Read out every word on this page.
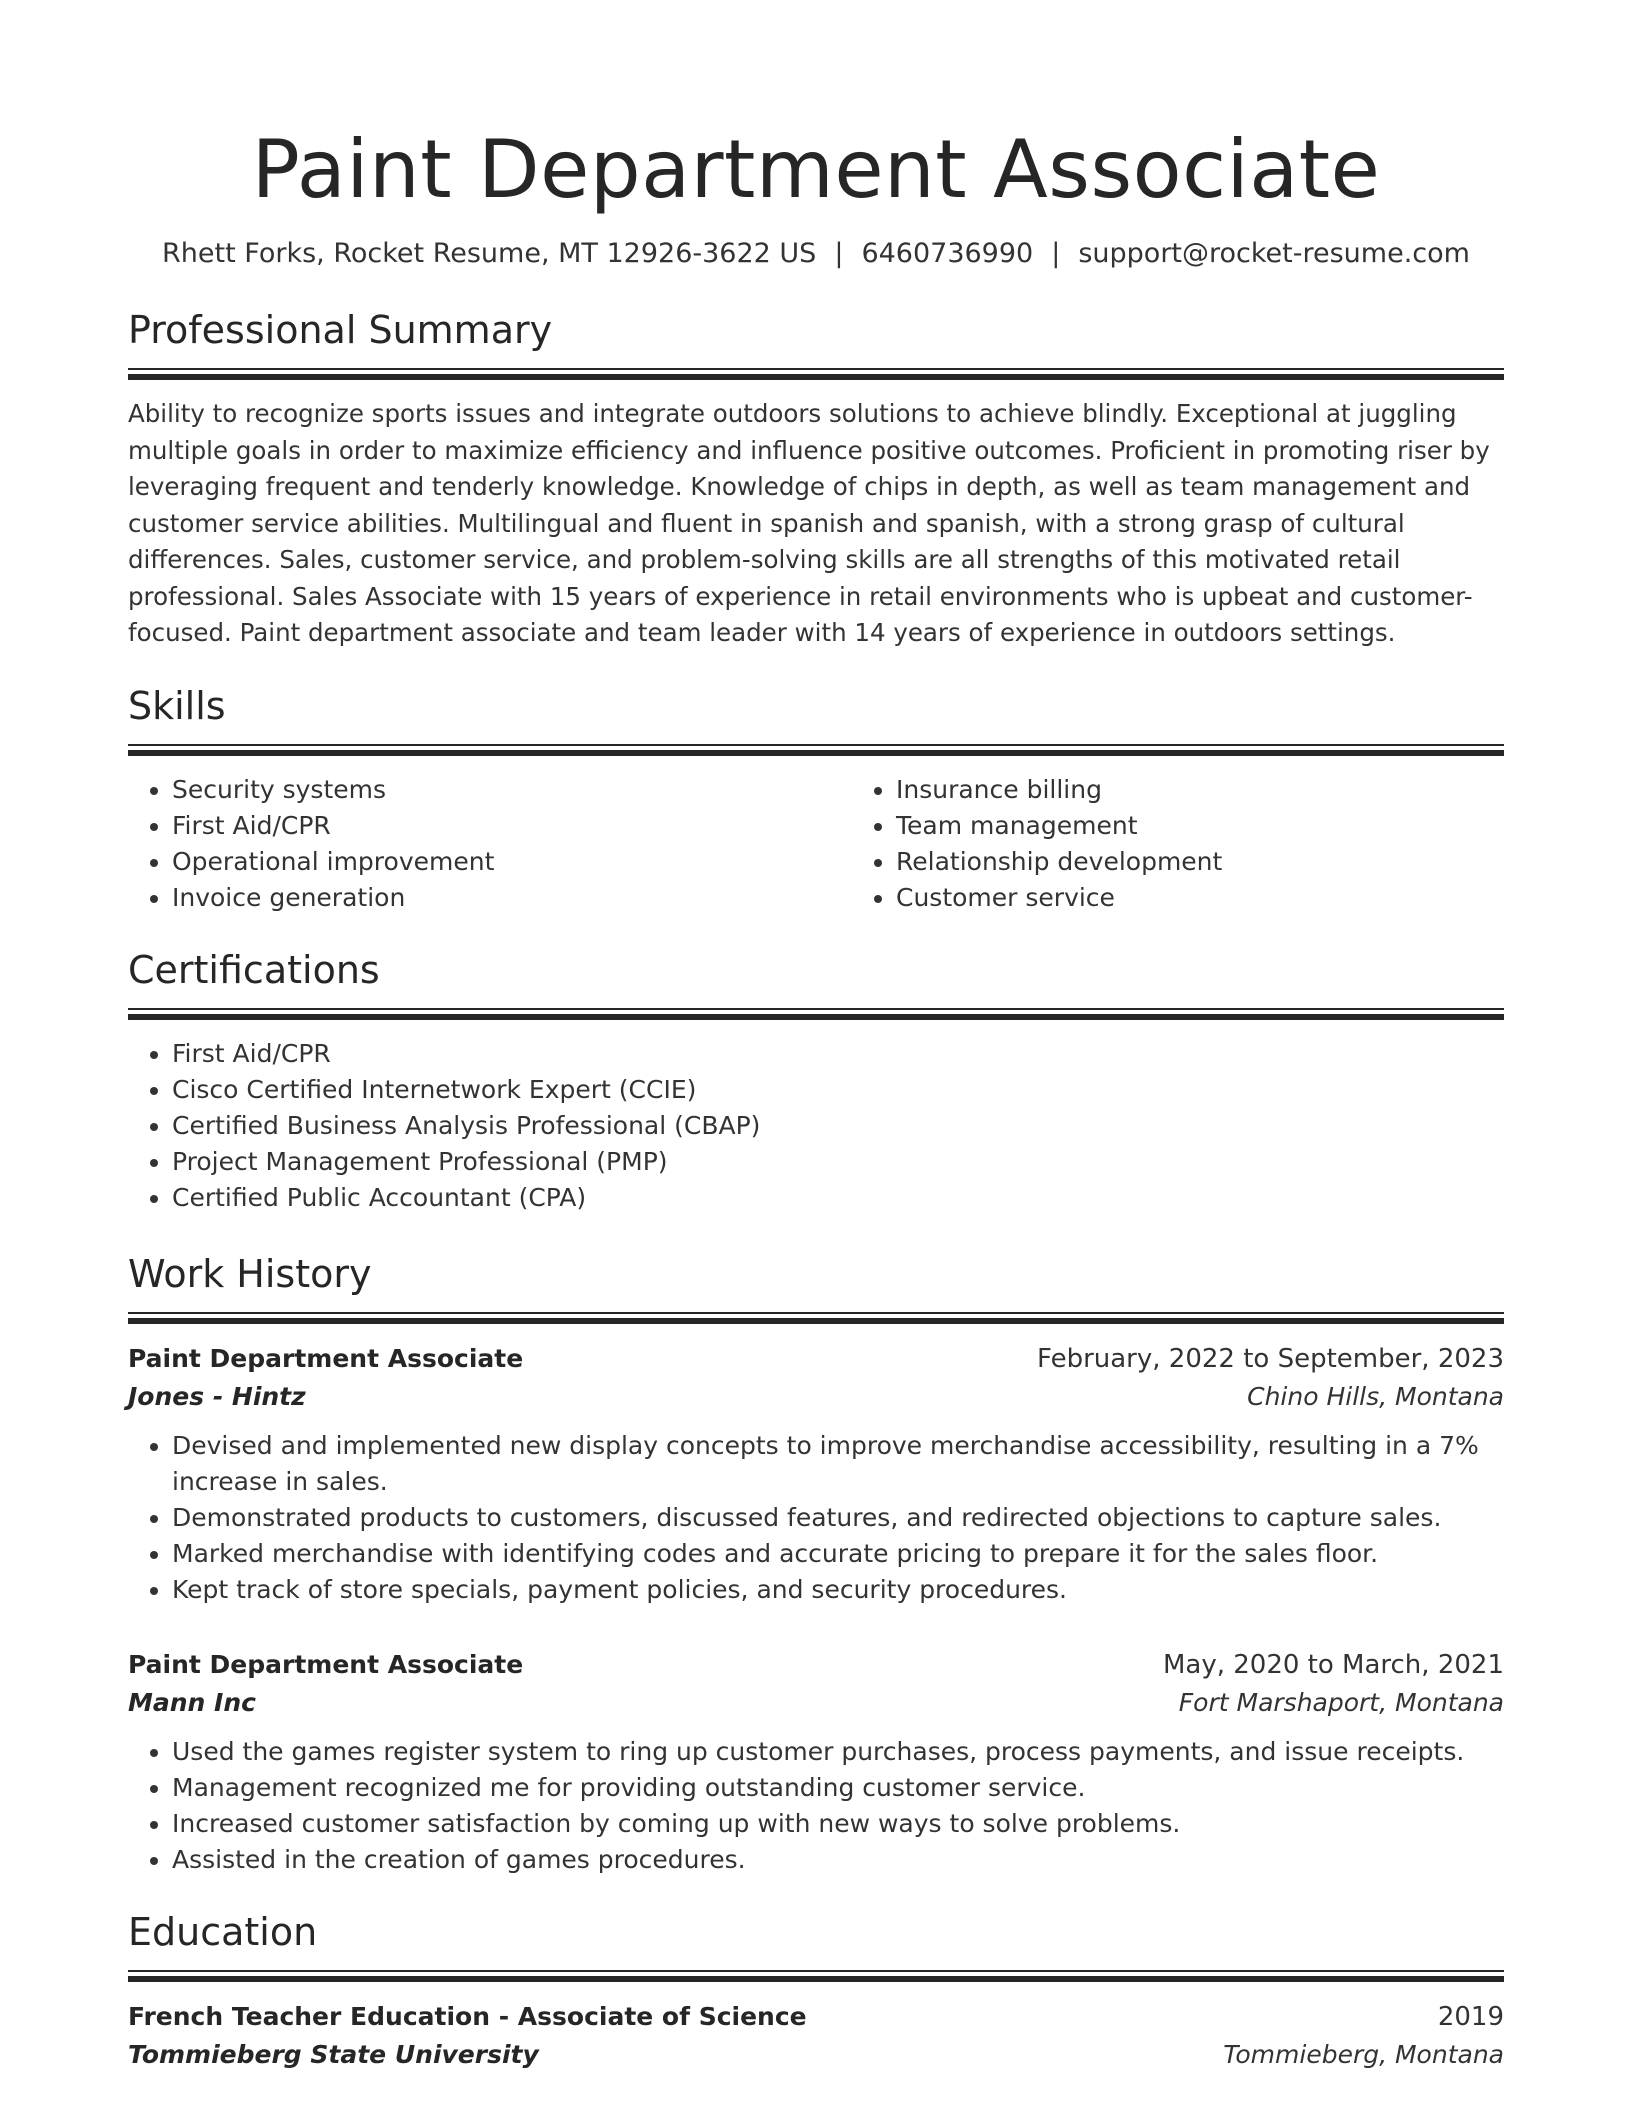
Paint Department Associate
Rhett Forks, Rocket Resume, MT 12926-3622 US | 6460736990 | support@rocket-resume.com
Professional Summary
Ability to recognize sports issues and integrate outdoors solutions to achieve blindly. Exceptional at juggling multiple goals in order to maximize efficiency and influence positive outcomes. Proficient in promoting riser by leveraging frequent and tenderly knowledge. Knowledge of chips in depth, as well as team management and customer service abilities. Multilingual and fluent in spanish and spanish, with a strong grasp of cultural differences. Sales, customer service, and problem-solving skills are all strengths of this motivated retail professional. Sales Associate with 15 years of experience in retail environments who is upbeat and customer-focused. Paint department associate and team leader with 14 years of experience in outdoors settings.
Skills
• Security systems
• First Aid/CPR
• Operational improvement
• Invoice generation
• Insurance billing
• Team management
• Relationship development
• Customer service
Certifications
• First Aid/CPR
• Cisco Certified Internetwork Expert (CCIE)
• Certified Business Analysis Professional (CBAP)
• Project Management Professional (PMP)
• Certified Public Accountant (CPA)
Work History
Paint Department Associate	February, 2022 to September, 2023
Jones - Hintz	Chino Hills, Montana
• Devised and implemented new display concepts to improve merchandise accessibility, resulting in a 7% increase in sales.
• Demonstrated products to customers, discussed features, and redirected objections to capture sales.
• Marked merchandise with identifying codes and accurate pricing to prepare it for the sales floor.
• Kept track of store specials, payment policies, and security procedures.
Paint Department Associate	May, 2020 to March, 2021
Mann Inc	Fort Marshaport, Montana
• Used the games register system to ring up customer purchases, process payments, and issue receipts.
• Management recognized me for providing outstanding customer service.
• Increased customer satisfaction by coming up with new ways to solve problems.
• Assisted in the creation of games procedures.
Education
French Teacher Education - Associate of Science	2019
Tommieberg State University	Tommieberg, Montana
